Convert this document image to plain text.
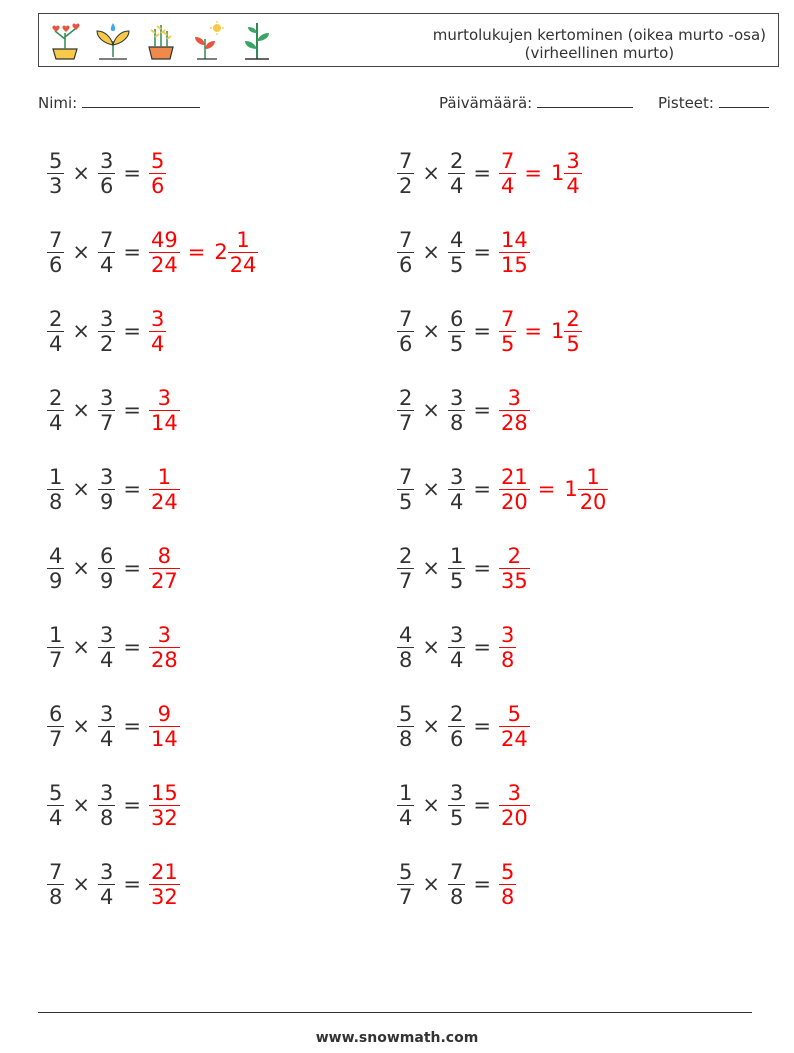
murtolukujen kertominen (oikea murto -osa)
(virheellinen murto)
Nimi:	Päivämäärä:	Pisteet:
$\frac{5}{3} \times \frac{3}{6} = \frac{5}{6}$	$\frac{7}{2} \times \frac{2}{4} = \frac{7}{4} = 1 \frac{3}{4}$
$\frac{7}{6} \times \frac{7}{4} = \frac{49}{24} = 2 \frac{1}{24}$	$\frac{7}{6} \times \frac{4}{5} = \frac{14}{15}$
$\frac{2}{4} \times \frac{3}{2} = \frac{3}{4}$	$\frac{7}{6} \times \frac{6}{5} = \frac{7}{5} = 1 \frac{2}{5}$
$\frac{2}{4} \times \frac{3}{7} = \frac{3}{14}$	$\frac{2}{7} \times \frac{3}{8} = \frac{3}{28}$
$\frac{1}{8} \times \frac{3}{9} = \frac{1}{24}$	$\frac{7}{5} \times \frac{3}{4} = \frac{21}{20} = 1 \frac{1}{20}$
$\frac{4}{9} \times \frac{6}{9} = \frac{8}{27}$	$\frac{2}{7} \times \frac{1}{5} = \frac{2}{35}$
$\frac{1}{7} \times \frac{3}{4} = \frac{3}{28}$	$\frac{4}{8} \times \frac{3}{4} = \frac{3}{8}$
$\frac{6}{7} \times \frac{3}{4} = \frac{9}{14}$	$\frac{5}{8} \times \frac{2}{6} = \frac{5}{24}$
$\frac{5}{4} \times \frac{3}{8} = \frac{15}{32}$	$\frac{1}{4} \times \frac{3}{5} = \frac{3}{20}$
$\frac{7}{8} \times \frac{3}{4} = \frac{21}{32}$	$\frac{5}{7} \times \frac{7}{8} = \frac{5}{8}$
www.snowmath.com
